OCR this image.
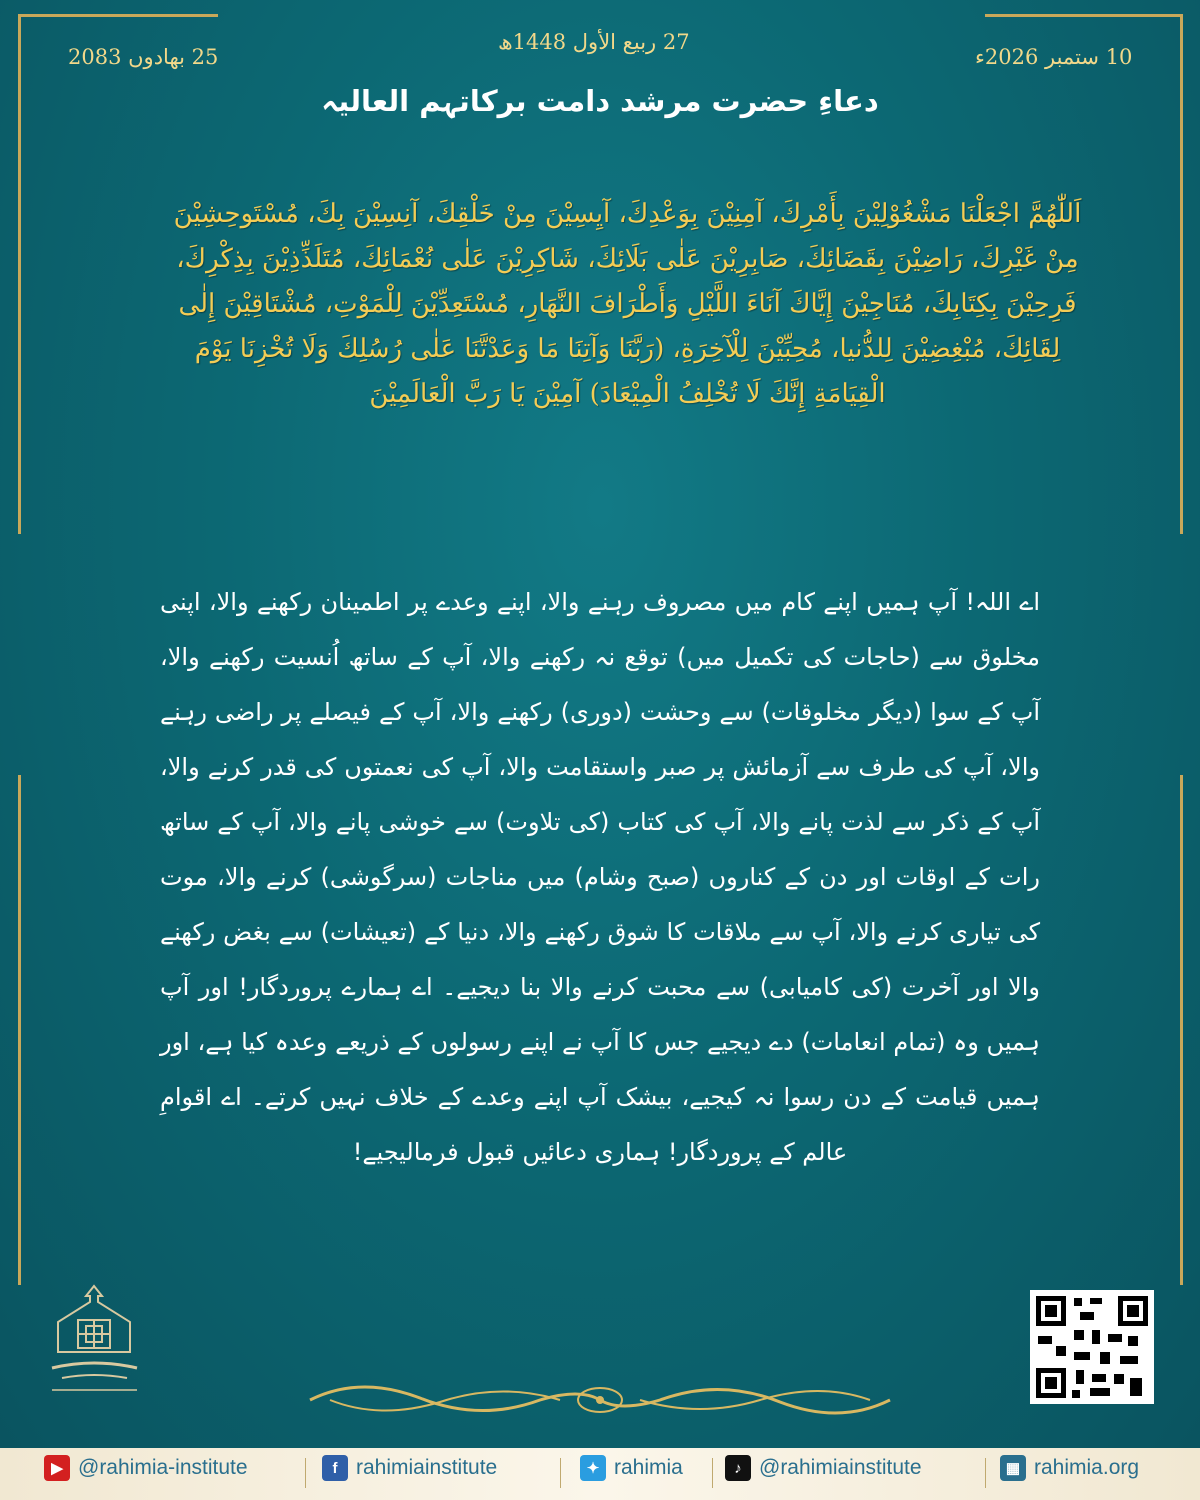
27 ربیع الأول 1448ھ
10 ستمبر 2026ء
25 بھادوں 2083
دعاءِ حضرت مرشد دامت برکاتہم العالیہ
اَللّٰهُمَّ اجْعَلْنَا مَشْغُوْلِيْنَ بِأَمْرِكَ، آمِنِيْنَ بِوَعْدِكَ، آيِسِيْنَ مِنْ خَلْقِكَ، آنِسِيْنَ بِكَ، مُسْتَوحِشِيْنَ مِنْ غَيْرِكَ، رَاضِيْنَ بِقَضَائِكَ، صَابِرِيْنَ عَلٰى بَلَائِكَ، شَاكِرِيْنَ عَلٰى نُعْمَائِكَ، مُتَلَذِّذِيْنَ بِذِكْرِكَ، فَرِحِيْنَ بِكِتَابِكَ، مُنَاجِيْنَ إِيَّاكَ آنَاءَ اللَّيْلِ وَأَطْرَافَ النَّهَارِ، مُسْتَعِدِّيْنَ لِلْمَوْتِ، مُشْتَاقِيْنَ إِلٰى لِقَائِكَ، مُبْغِضِيْنَ لِلدُّنيا، مُحِبِّيْنَ لِلْآخِرَةِ، (رَبَّنَا وَآتِنَا مَا وَعَدْتَّنَا عَلٰى رُسُلِكَ وَلَا تُخْزِنَا يَوْمَ الْقِيَامَةِ إِنَّكَ لَا تُخْلِفُ الْمِيْعَادَ) آمِيْنَ يَا رَبَّ الْعَالَمِيْنَ
اے اللہ! آپ ہمیں اپنے کام میں مصروف رہنے والا، اپنے وعدے پر اطمینان رکھنے والا، اپنی مخلوق سے (حاجات کی تکمیل میں) توقع نہ رکھنے والا، آپ کے ساتھ اُنسیت رکھنے والا، آپ کے سوا (دیگر مخلوقات) سے وحشت (دوری) رکھنے والا، آپ کے فیصلے پر راضی رہنے والا، آپ کی طرف سے آزمائش پر صبر واستقامت والا، آپ کی نعمتوں کی قدر کرنے والا، آپ کے ذکر سے لذت پانے والا، آپ کی کتاب (کی تلاوت) سے خوشی پانے والا، آپ کے ساتھ رات کے اوقات اور دن کے کناروں (صبح وشام) میں مناجات (سرگوشی) کرنے والا، موت کی تیاری کرنے والا، آپ سے ملاقات کا شوق رکھنے والا، دنیا کے (تعیشات) سے بغض رکھنے والا اور آخرت (کی کامیابی) سے محبت کرنے والا بنا دیجیے۔ اے ہمارے پروردگار! اور آپ ہمیں وہ (تمام انعامات) دے دیجیے جس کا آپ نے اپنے رسولوں کے ذریعے وعدہ کیا ہے، اور ہمیں قیامت کے دن رسوا نہ کیجیے، بیشک آپ اپنے وعدے کے خلاف نہیں کرتے۔ اے اقوامِ عالم کے پروردگار! ہماری دعائیں قبول فرمالیجیے!
▶ @rahimia-institute	f rahimiainstitute	✦ rahimia	♪ @rahimiainstitute	▦ rahimia.org
